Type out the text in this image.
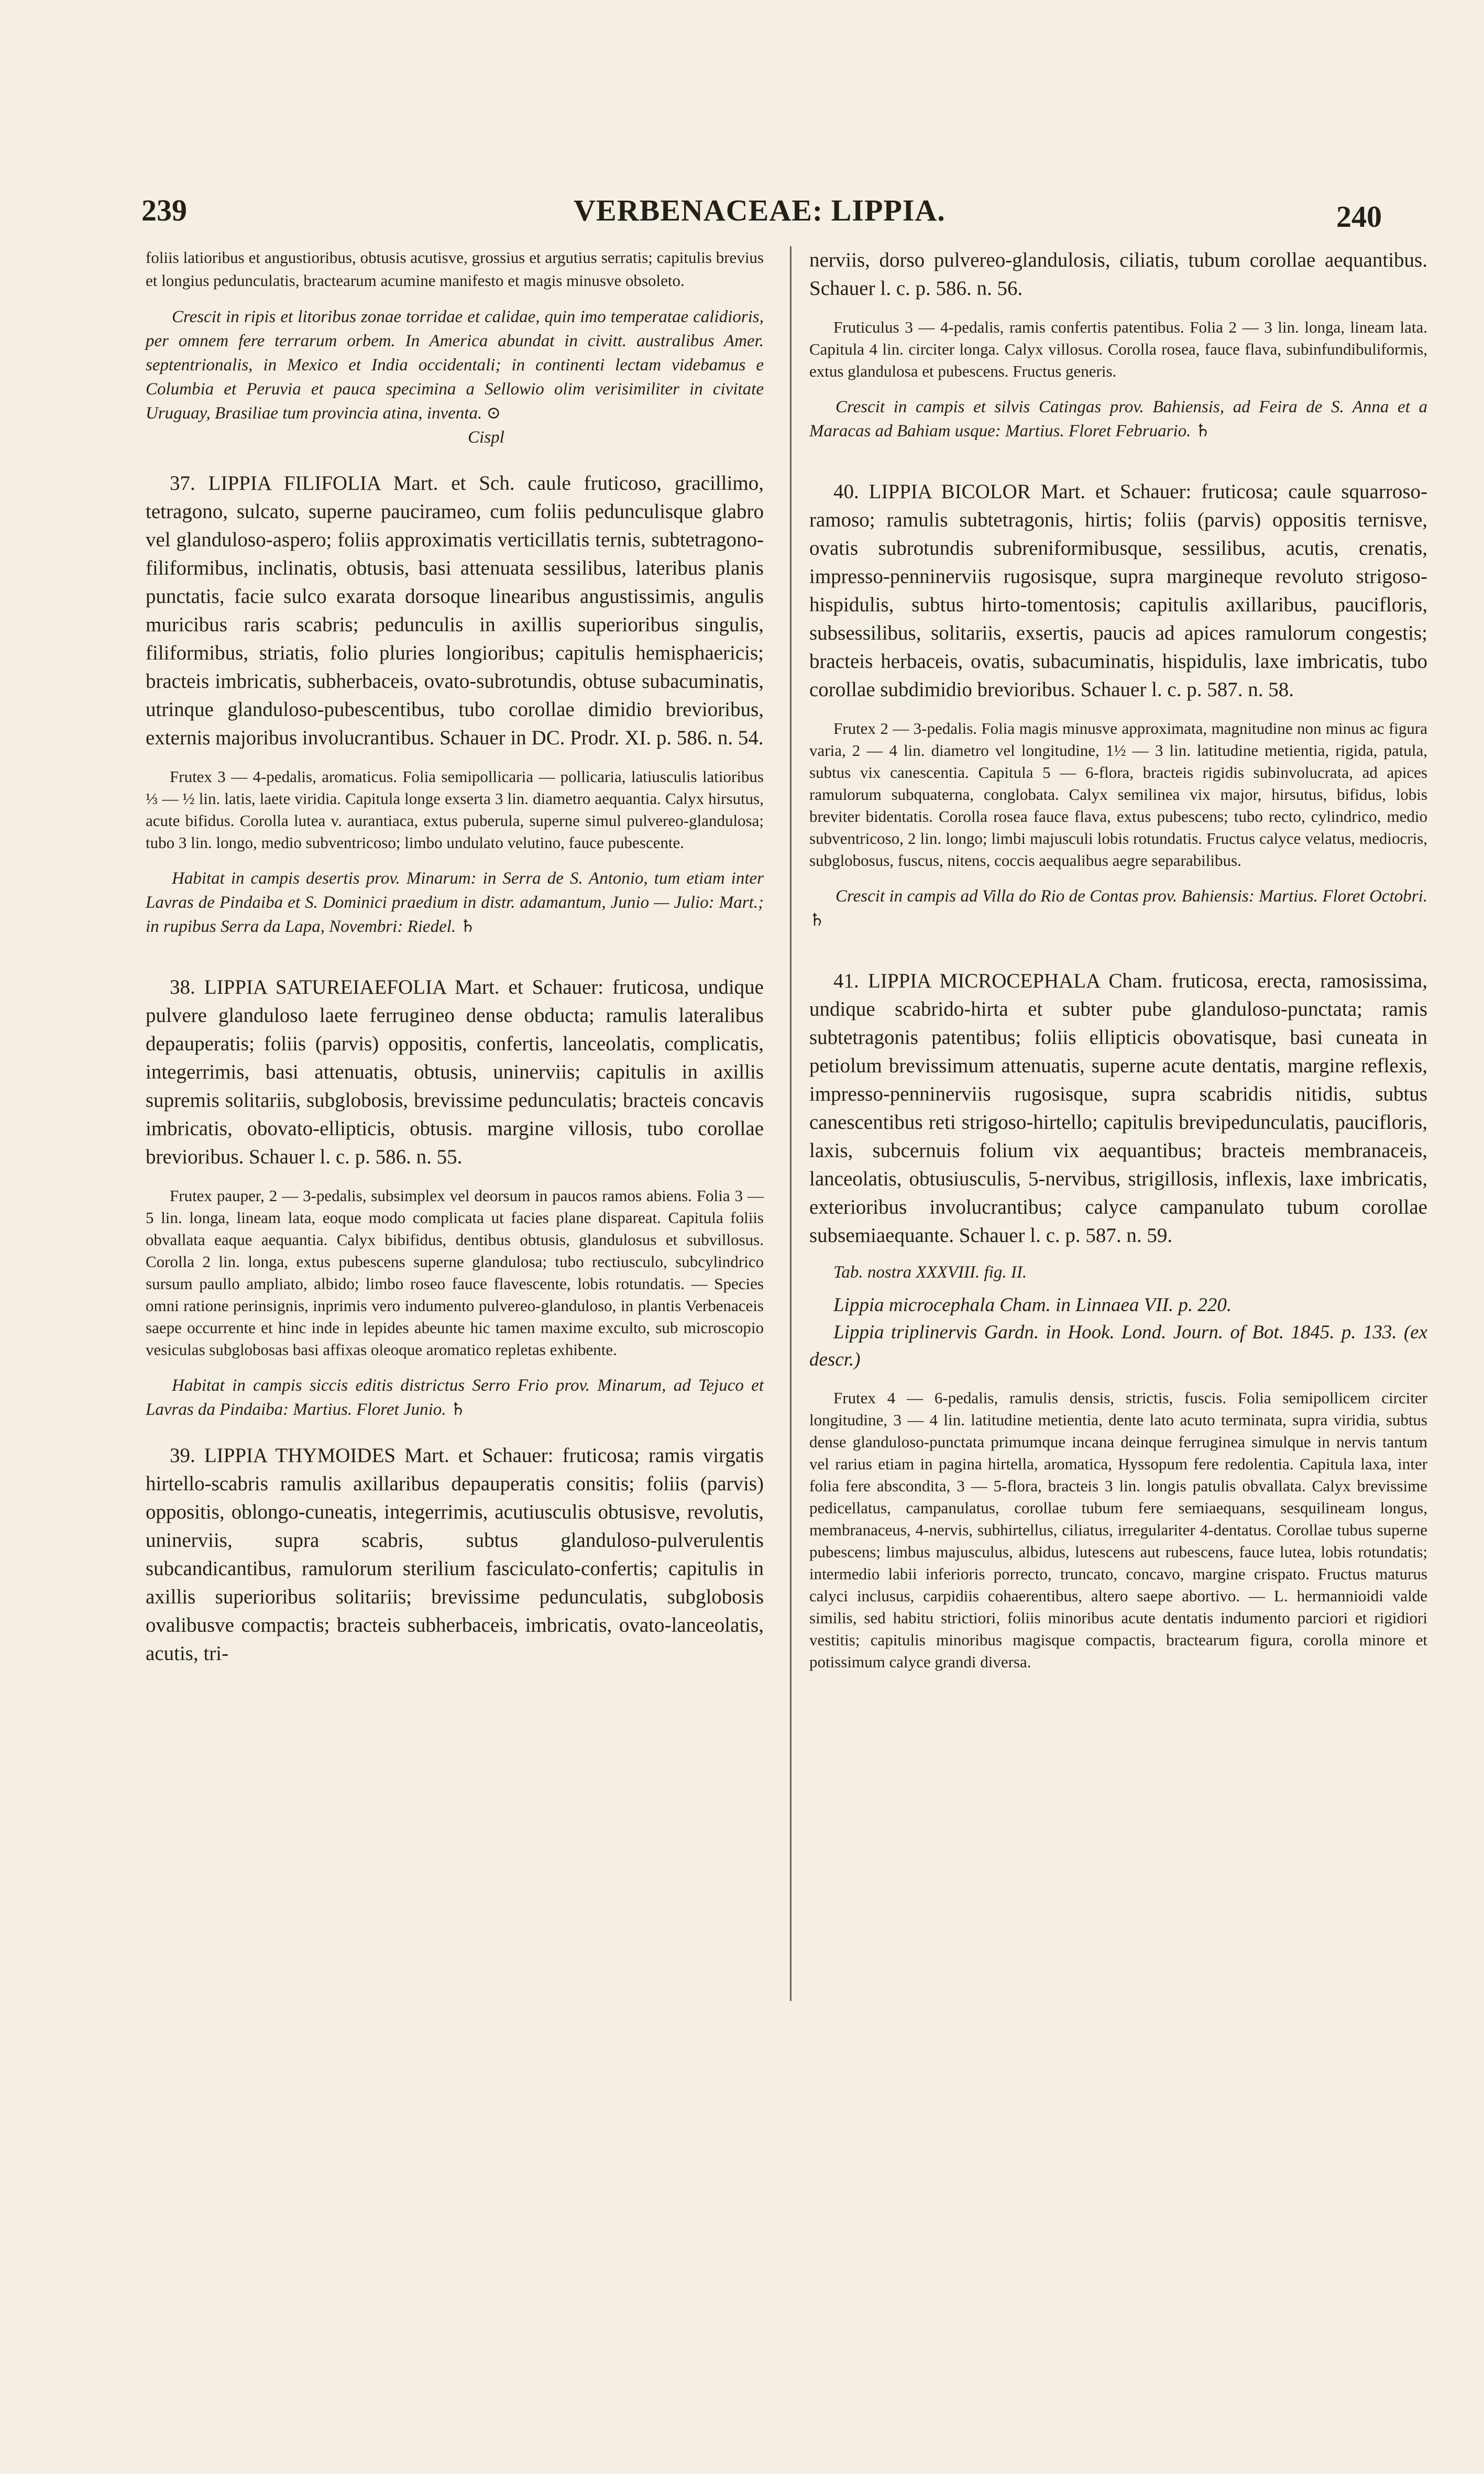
239	VERBENACEAE: LIPPIA.	240

foliis latioribus et angustioribus, obtusis acutisve, grossius et argutius serratis; capitulis brevius et longius pedunculatis, bractearum acumine manifesto et magis minusve obsoleto.

Crescit in ripis et litoribus zonae torridae et calidae, quin imo temperatae calidioris, per omnem fere terrarum orbem. In America abundat in civitt. australibus Amer. septentrionalis, in Mexico et India occidentali; in continenti lectam videbamus e Columbia et Peruvia et pauca specimina a Sellowio olim verisimiliter in civitate Uruguay, Brasiliae tum provincia atina, inventa. ⊙

Cispl

37. LIPPIA FILIFOLIA Mart. et Sch. caule fruticoso, gracillimo, tetragono, sulcato, superne paucirameo, cum foliis pedunculisque glabro vel glanduloso-aspero; foliis approximatis verticillatis ternis, subtetragono-filiformibus, inclinatis, obtusis, basi attenuata sessilibus, lateribus planis punctatis, facie sulco exarata dorsoque linearibus angustissimis, angulis muricibus raris scabris; pedunculis in axillis superioribus singulis, filiformibus, striatis, folio pluries longioribus; capitulis hemisphaericis; bracteis imbricatis, subherbaceis, ovato-subrotundis, obtuse subacuminatis, utrinque glanduloso-pubescentibus, tubo corollae dimidio brevioribus, externis majoribus involucrantibus. Schauer in DC. Prodr. XI. p. 586. n. 54.

Frutex 3 — 4-pedalis, aromaticus. Folia semipollicaria — pollicaria, latiusculis latioribus ⅓ — ½ lin. latis, laete viridia. Capitula longe exserta 3 lin. diametro aequantia. Calyx hirsutus, acute bifidus. Corolla lutea v. aurantiaca, extus puberula, superne simul pulvereo-glandulosa; tubo 3 lin. longo, medio subventricoso; limbo undulato velutino, fauce pubescente.

Habitat in campis desertis prov. Minarum: in Serra de S. Antonio, tum etiam inter Lavras de Pindaiba et S. Dominici praedium in distr. adamantum, Junio — Julio: Mart.; in rupibus Serra da Lapa, Novembri: Riedel. ♄

38. LIPPIA SATUREIAEFOLIA Mart. et Schauer: fruticosa, undique pulvere glanduloso laete ferrugineo dense obducta; ramulis lateralibus depauperatis; foliis (parvis) oppositis, confertis, lanceolatis, complicatis, integerrimis, basi attenuatis, obtusis, uninerviis; capitulis in axillis supremis solitariis, subglobosis, brevissime pedunculatis; bracteis concavis imbricatis, obovato-ellipticis, obtusis. margine villosis, tubo corollae brevioribus. Schauer l. c. p. 586. n. 55.

Frutex pauper, 2 — 3-pedalis, subsimplex vel deorsum in paucos ramos abiens. Folia 3 — 5 lin. longa, lineam lata, eoque modo complicata ut facies plane dispareat. Capitula foliis obvallata eaque aequantia. Calyx bibifidus, dentibus obtusis, glandulosus et subvillosus. Corolla 2 lin. longa, extus pubescens superne glandulosa; tubo rectiusculo, subcylindrico sursum paullo ampliato, albido; limbo roseo fauce flavescente, lobis rotundatis. — Species omni ratione perinsignis, inprimis vero indumento pulvereo-glanduloso, in plantis Verbenaceis saepe occurrente et hinc inde in lepides abeunte hic tamen maxime exculto, sub microscopio vesiculas subglobosas basi affixas oleoque aromatico repletas exhibente.

Habitat in campis siccis editis districtus Serro Frio prov. Minarum, ad Tejuco et Lavras da Pindaiba: Martius. Floret Junio. ♄

39. LIPPIA THYMOIDES Mart. et Schauer: fruticosa; ramis virgatis hirtello-scabris ramulis axillaribus depauperatis consitis; foliis (parvis) oppositis, oblongo-cuneatis, integerrimis, acutiusculis obtusisve, revolutis, uninerviis, supra scabris, subtus glanduloso-pulverulentis subcandicantibus, ramulorum sterilium fasciculato-confertis; capitulis in axillis superioribus solitariis; brevissime pedunculatis, subglobosis ovalibusve compactis; bracteis subherbaceis, imbricatis, ovato-lanceolatis, acutis, tri-

nerviis, dorso pulvereo-glandulosis, ciliatis, tubum corollae aequantibus. Schauer l. c. p. 586. n. 56.

Fruticulus 3 — 4-pedalis, ramis confertis patentibus. Folia 2 — 3 lin. longa, lineam lata. Capitula 4 lin. circiter longa. Calyx villosus. Corolla rosea, fauce flava, subinfundibuliformis, extus glandulosa et pubescens. Fructus generis.

Crescit in campis et silvis Catingas prov. Bahiensis, ad Feira de S. Anna et a Maracas ad Bahiam usque: Martius. Floret Februario. ♄

40. LIPPIA BICOLOR Mart. et Schauer: fruticosa; caule squarroso-ramoso; ramulis subtetragonis, hirtis; foliis (parvis) oppositis ternisve, ovatis subrotundis subreniformibusque, sessilibus, acutis, crenatis, impresso-penninerviis rugosisque, supra margineque revoluto strigoso-hispidulis, subtus hirto-tomentosis; capitulis axillaribus, paucifloris, subsessilibus, solitariis, exsertis, paucis ad apices ramulorum congestis; bracteis herbaceis, ovatis, subacuminatis, hispidulis, laxe imbricatis, tubo corollae subdimidio brevioribus. Schauer l. c. p. 587. n. 58.

Frutex 2 — 3-pedalis. Folia magis minusve approximata, magnitudine non minus ac figura varia, 2 — 4 lin. diametro vel longitudine, 1½ — 3 lin. latitudine metientia, rigida, patula, subtus vix canescentia. Capitula 5 — 6-flora, bracteis rigidis subinvolucrata, ad apices ramulorum subquaterna, conglobata. Calyx semilinea vix major, hirsutus, bifidus, lobis breviter bidentatis. Corolla rosea fauce flava, extus pubescens; tubo recto, cylindrico, medio subventricoso, 2 lin. longo; limbi majusculi lobis rotundatis. Fructus calyce velatus, mediocris, subglobosus, fuscus, nitens, coccis aequalibus aegre separabilibus.

Crescit in campis ad Villa do Rio de Contas prov. Bahiensis: Martius. Floret Octobri. ♄

41. LIPPIA MICROCEPHALA Cham. fruticosa, erecta, ramosissima, undique scabrido-hirta et subter pube glanduloso-punctata; ramis subtetragonis patentibus; foliis ellipticis obovatisque, basi cuneata in petiolum brevissimum attenuatis, superne acute dentatis, margine reflexis, impresso-penninerviis rugosisque, supra scabridis nitidis, subtus canescentibus reti strigoso-hirtello; capitulis brevipedunculatis, paucifloris, laxis, subcernuis folium vix aequantibus; bracteis membranaceis, lanceolatis, obtusiusculis, 5-nervibus, strigillosis, inflexis, laxe imbricatis, exterioribus involucrantibus; calyce campanulato tubum corollae subsemiaequante. Schauer l. c. p. 587. n. 59.

Tab. nostra XXXVIII. fig. II.

Lippia microcephala Cham. in Linnaea VII. p. 220.

Lippia triplinervis Gardn. in Hook. Lond. Journ. of Bot. 1845. p. 133. (ex descr.)

Frutex 4 — 6-pedalis, ramulis densis, strictis, fuscis. Folia semipollicem circiter longitudine, 3 — 4 lin. latitudine metientia, dente lato acuto terminata, supra viridia, subtus dense glanduloso-punctata primumque incana deinque ferruginea simulque in nervis tantum vel rarius etiam in pagina hirtella, aromatica, Hyssopum fere redolentia. Capitula laxa, inter folia fere abscondita, 3 — 5-flora, bracteis 3 lin. longis patulis obvallata. Calyx brevissime pedicellatus, campanulatus, corollae tubum fere semiaequans, sesquilineam longus, membranaceus, 4-nervis, subhirtellus, ciliatus, irregulariter 4-dentatus. Corollae tubus superne pubescens; limbus majusculus, albidus, lutescens aut rubescens, fauce lutea, lobis rotundatis; intermedio labii inferioris porrecto, truncato, concavo, margine crispato. Fructus maturus calyci inclusus, carpidiis cohaerentibus, altero saepe abortivo. — L. hermannioidi valde similis, sed habitu strictiori, foliis minoribus acute dentatis indumento parciori et rigidiori vestitis; capitulis minoribus magisque compactis, bractearum figura, corolla minore et potissimum calyce grandi diversa.
